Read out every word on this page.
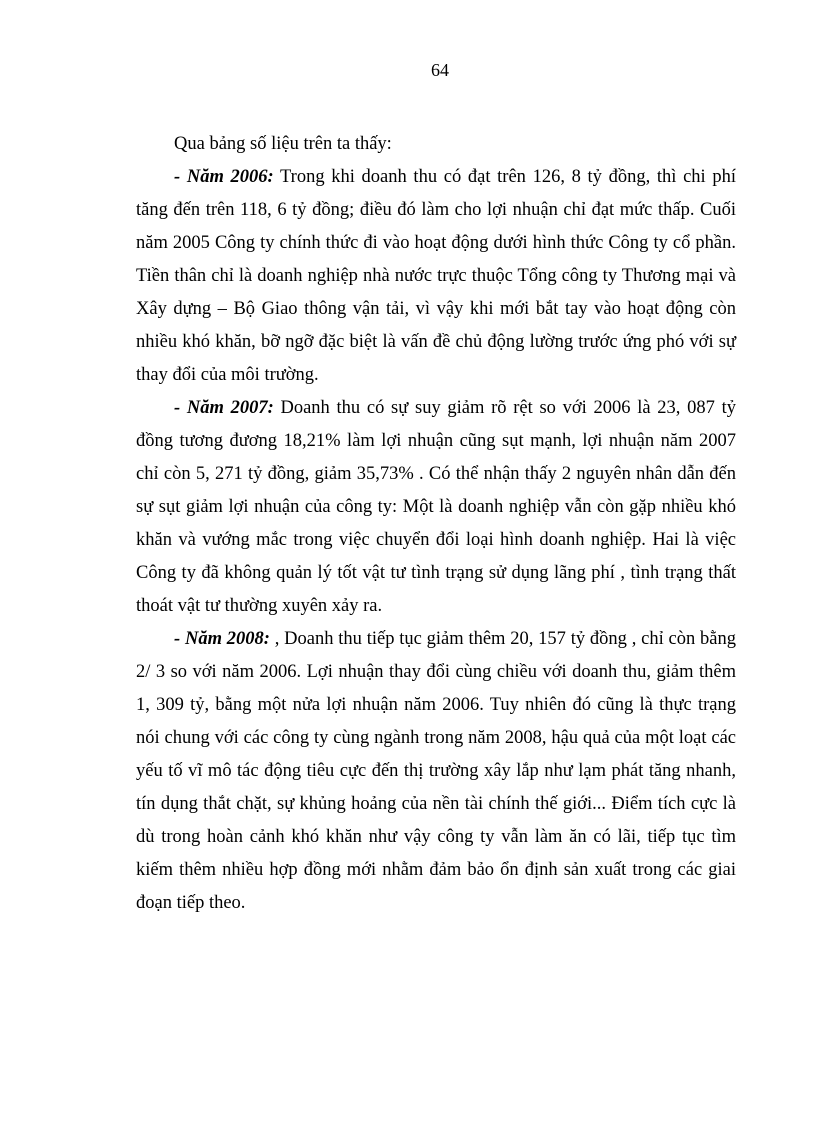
64

Qua bảng số liệu trên ta thấy:

- Năm 2006: Trong khi doanh thu có đạt trên 126, 8 tỷ đồng, thì chi phí tăng đến trên 118, 6 tỷ đồng; điều đó làm cho lợi nhuận chỉ đạt mức thấp. Cuối năm 2005 Công ty chính thức đi vào hoạt động dưới hình thức Công ty cổ phần. Tiền thân chỉ là doanh nghiệp nhà nước trực thuộc Tổng công ty Thương mại và Xây dựng – Bộ Giao thông vận tải, vì vậy khi mới bắt tay vào hoạt động còn nhiều khó khăn, bỡ ngỡ đặc biệt là vấn đề chủ động lường trước ứng phó với sự thay đổi của môi trường.

- Năm 2007: Doanh thu có sự suy giảm rõ rệt so với 2006 là 23, 087 tỷ đồng tương đương 18,21% làm lợi nhuận cũng sụt mạnh, lợi nhuận năm 2007 chỉ còn 5, 271 tỷ đồng, giảm 35,73% . Có thể nhận thấy 2 nguyên nhân dẫn đến sự sụt giảm lợi nhuận của công ty: Một là doanh nghiệp vẫn còn gặp nhiều khó khăn và vướng mắc trong việc chuyển đổi loại hình doanh nghiệp. Hai là việc Công ty đã không quản lý tốt vật tư tình trạng sử dụng lãng phí , tình trạng thất thoát vật tư thường xuyên xảy ra.

- Năm 2008: , Doanh thu tiếp tục giảm thêm 20, 157 tỷ đồng , chỉ còn bằng 2/ 3 so với năm 2006. Lợi nhuận thay đổi cùng chiều với doanh thu, giảm thêm 1, 309 tỷ, bằng một nửa lợi nhuận năm 2006. Tuy nhiên đó cũng là thực trạng nói chung với các công ty cùng ngành trong năm 2008, hậu quả của một loạt các yếu tố vĩ mô tác động tiêu cực đến thị trường xây lắp như lạm phát tăng nhanh, tín dụng thắt chặt, sự khủng hoảng của nền tài chính thế giới... Điểm tích cực là dù trong hoàn cảnh khó khăn như vậy công ty vẫn làm ăn có lãi, tiếp tục tìm kiếm thêm nhiều hợp đồng mới nhằm đảm bảo ổn định sản xuất trong các giai đoạn tiếp theo.
